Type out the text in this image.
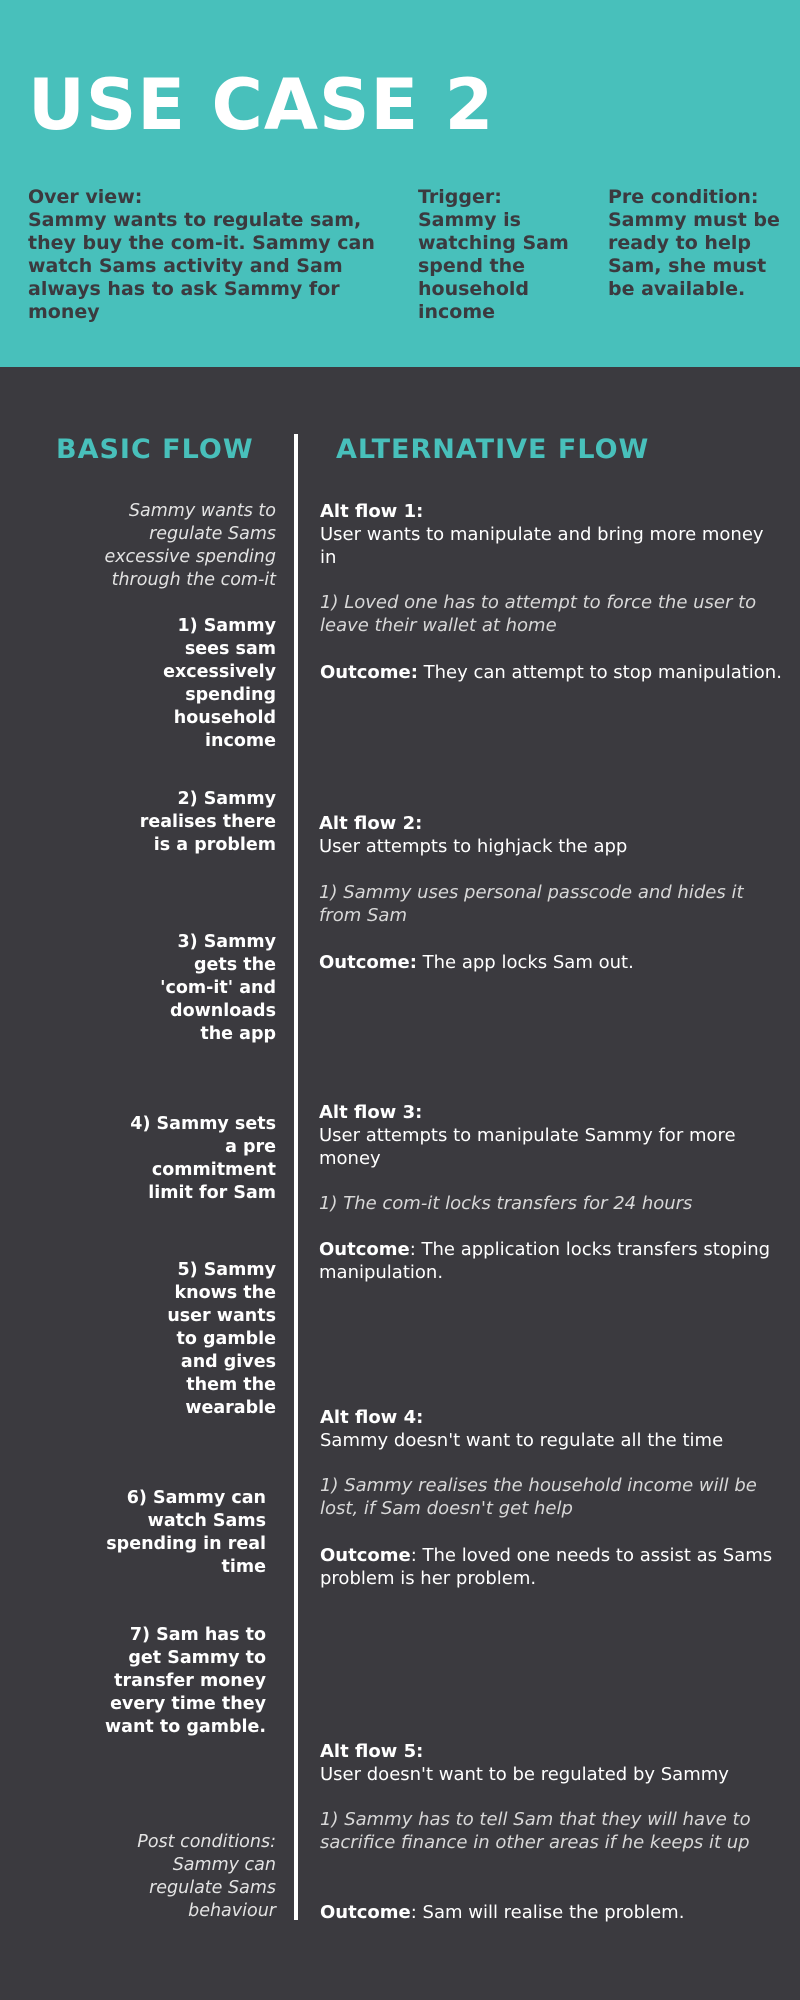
USE CASE 2
Over view:
Sammy wants to regulate sam, they buy the com-it. Sammy can watch Sams activity and Sam always has to ask Sammy for money
Trigger:
Sammy is watching Sam spend the household income
Pre condition:
Sammy must be ready to help Sam, she must be available.
BASIC FLOW	ALTERNATIVE FLOW
Sammy wants to regulate Sams excessive spending through the com-it
1) Sammy sees sam excessively spending household income
2) Sammy realises there is a problem
3) Sammy gets the 'com-it' and downloads the app
4) Sammy sets a pre commitment limit for Sam
5) Sammy knows the user wants to gamble and gives them the wearable
6) Sammy can watch Sams spending in real time
7) Sam has to get Sammy to transfer money every time they want to gamble.
Post conditions: Sammy can regulate Sams behaviour
Alt flow 1:
User wants to manipulate and bring more money in
1) Loved one has to attempt to force the user to leave their wallet at home
Outcome: They can attempt to stop manipulation.
Alt flow 2:
User attempts to highjack the app
1) Sammy uses personal passcode and hides it from Sam
Outcome: The app locks Sam out.
Alt flow 3:
User attempts to manipulate Sammy for more money
1) The com-it locks transfers for 24 hours
Outcome: The application locks transfers stoping manipulation.
Alt flow 4:
Sammy doesn't want to regulate all the time
1) Sammy realises the household income will be lost, if Sam doesn't get help
Outcome: The loved one needs to assist as Sams problem is her problem.
Alt flow 5:
User doesn't want to be regulated by Sammy
1) Sammy has to tell Sam that they will have to sacrifice finance in other areas if he keeps it up
Outcome: Sam will realise the problem.
